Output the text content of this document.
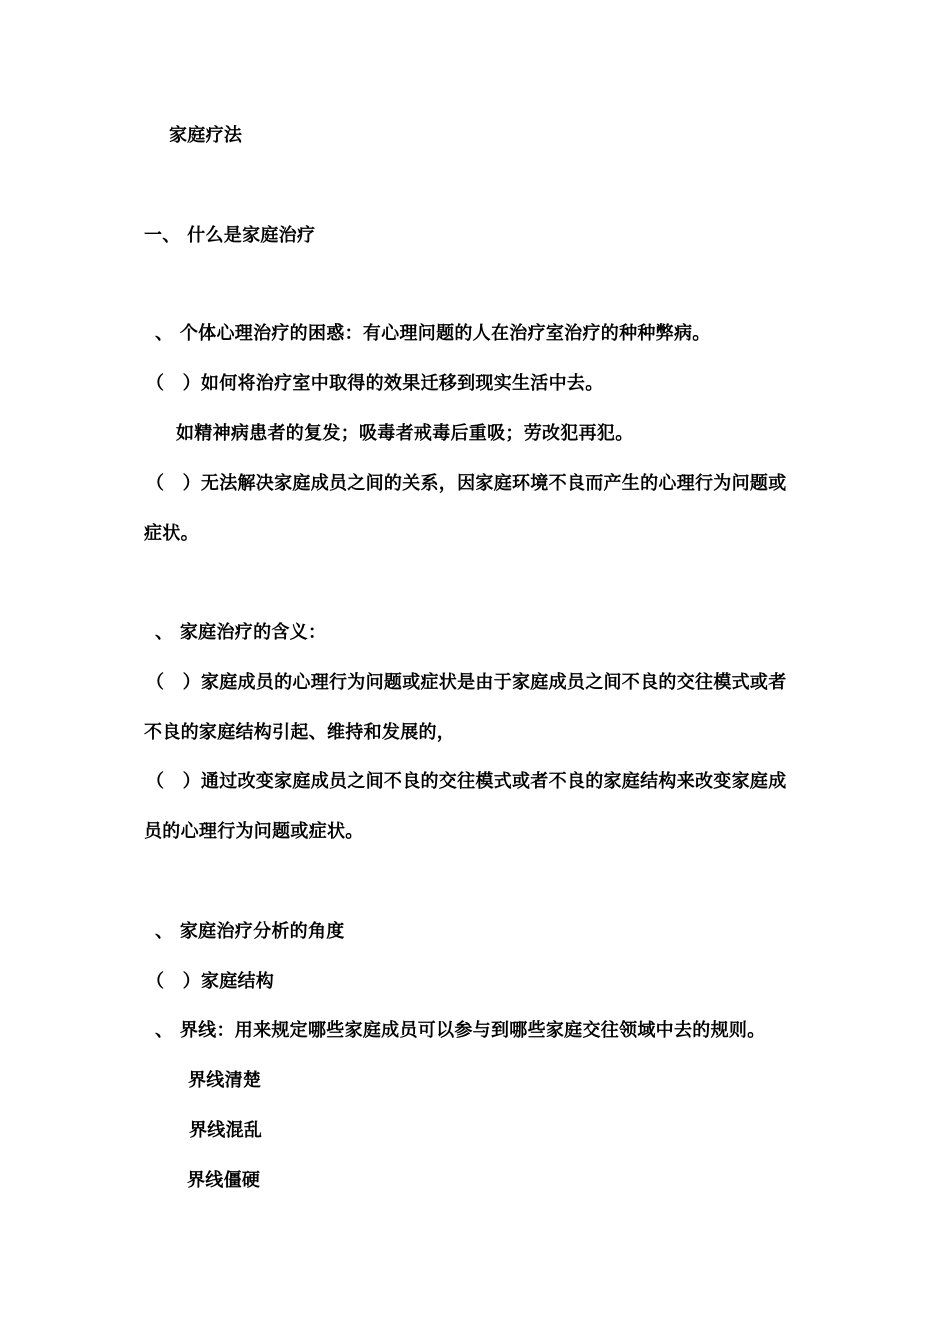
家庭疗法
一、 什么是家庭治疗
、 个体心理治疗的困惑：有心理问题的人在治疗室治疗的种种弊病。
（　）如何将治疗室中取得的效果迁移到现实生活中去。
如精神病患者的复发；吸毒者戒毒后重吸；劳改犯再犯。
（　）无法解决家庭成员之间的关系，因家庭环境不良而产生的心理行为问题或
症状。
、 家庭治疗的含义：
（　）家庭成员的心理行为问题或症状是由于家庭成员之间不良的交往模式或者
不良的家庭结构引起、维持和发展的，
（　）通过改变家庭成员之间不良的交往模式或者不良的家庭结构来改变家庭成
员的心理行为问题或症状。
、 家庭治疗分析的角度
（　）家庭结构
、 界线：用来规定哪些家庭成员可以参与到哪些家庭交往领域中去的规则。
界线清楚
界线混乱
界线僵硬
